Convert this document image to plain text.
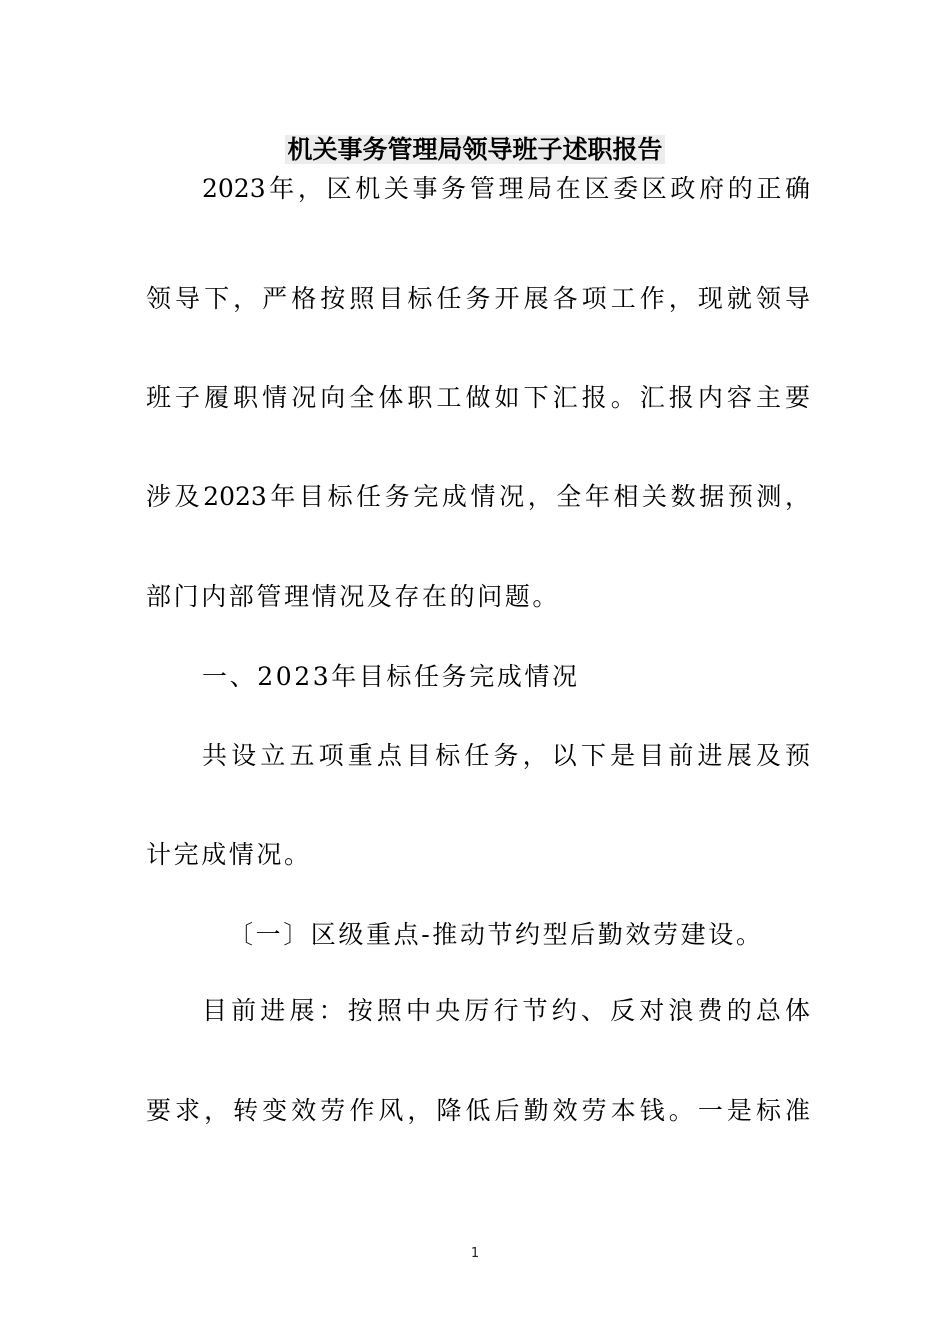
机关事务管理局领导班子述职报告
2023年，区机关事务管理局在区委区政府的正确
领导下，严格按照目标任务开展各项工作，现就领导
班子履职情况向全体职工做如下汇报。汇报内容主要
涉及2023年目标任务完成情况，全年相关数据预测，
部门内部管理情况及存在的问题。
一、2023年目标任务完成情况
共设立五项重点目标任务，以下是目前进展及预
计完成情况。
〔一〕区级重点-推动节约型后勤效劳建设。
目前进展：按照中央厉行节约、反对浪费的总体
要求，转变效劳作风，降低后勤效劳本钱。一是标准
1
